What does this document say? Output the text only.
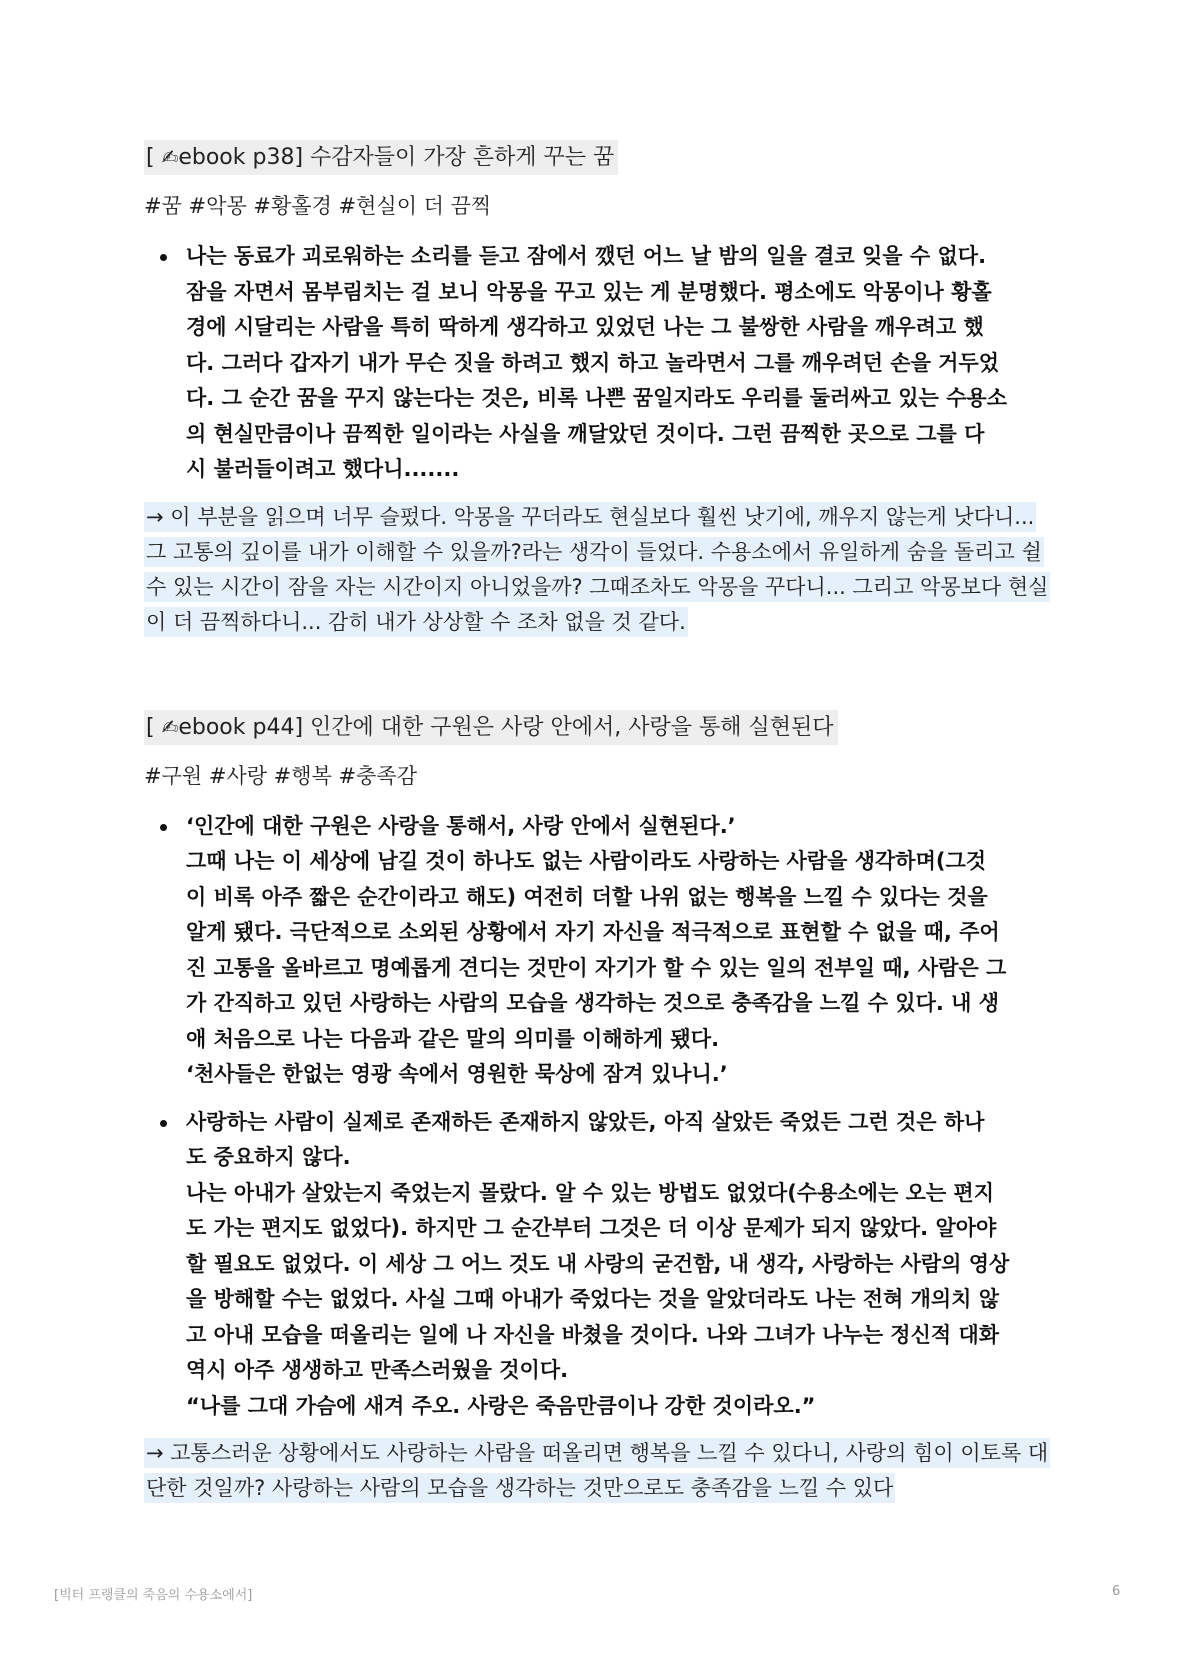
[ ✍ebook p38] 수감자들이 가장 흔하게 꾸는 꿈
#꿈 #악몽 #황홀경 #현실이 더 끔찍
나는 동료가 괴로워하는 소리를 듣고 잠에서 깼던 어느 날 밤의 일을 결코 잊을 수 없다.
잠을 자면서 몸부림치는 걸 보니 악몽을 꾸고 있는 게 분명했다. 평소에도 악몽이나 황홀
경에 시달리는 사람을 특히 딱하게 생각하고 있었던 나는 그 불쌍한 사람을 깨우려고 했
다. 그러다 갑자기 내가 무슨 짓을 하려고 했지 하고 놀라면서 그를 깨우려던 손을 거두었
다. 그 순간 꿈을 꾸지 않는다는 것은, 비록 나쁜 꿈일지라도 우리를 둘러싸고 있는 수용소
의 현실만큼이나 끔찍한 일이라는 사실을 깨달았던 것이다. 그런 끔찍한 곳으로 그를 다
시 불러들이려고 했다니.......
→ 이 부분을 읽으며 너무 슬펐다. 악몽을 꾸더라도 현실보다 훨씬 낫기에, 깨우지 않는게 낫다니... 그 고통의 깊이를 내가 이해할 수 있을까?라는 생각이 들었다. 수용소에서 유일하게 숨을 돌리고 쉴 수 있는 시간이 잠을 자는 시간이지 아니었을까? 그때조차도 악몽을 꾸다니... 그리고 악몽보다 현실이 더 끔찍하다니... 감히 내가 상상할 수 조차 없을 것 같다.
[ ✍ebook p44] 인간에 대한 구원은 사랑 안에서, 사랑을 통해 실현된다
#구원 #사랑 #행복 #충족감
‘인간에 대한 구원은 사랑을 통해서, 사랑 안에서 실현된다.’
그때 나는 이 세상에 남길 것이 하나도 없는 사람이라도 사랑하는 사람을 생각하며(그것
이 비록 아주 짧은 순간이라고 해도) 여전히 더할 나위 없는 행복을 느낄 수 있다는 것을
알게 됐다. 극단적으로 소외된 상황에서 자기 자신을 적극적으로 표현할 수 없을 때, 주어
진 고통을 올바르고 명예롭게 견디는 것만이 자기가 할 수 있는 일의 전부일 때, 사람은 그
가 간직하고 있던 사랑하는 사람의 모습을 생각하는 것으로 충족감을 느낄 수 있다. 내 생
애 처음으로 나는 다음과 같은 말의 의미를 이해하게 됐다.
‘천사들은 한없는 영광 속에서 영원한 묵상에 잠겨 있나니.’
사랑하는 사람이 실제로 존재하든 존재하지 않았든, 아직 살았든 죽었든 그런 것은 하나
도 중요하지 않다.
나는 아내가 살았는지 죽었는지 몰랐다. 알 수 있는 방법도 없었다(수용소에는 오는 편지
도 가는 편지도 없었다). 하지만 그 순간부터 그것은 더 이상 문제가 되지 않았다. 알아야
할 필요도 없었다. 이 세상 그 어느 것도 내 사랑의 굳건함, 내 생각, 사랑하는 사람의 영상
을 방해할 수는 없었다. 사실 그때 아내가 죽었다는 것을 알았더라도 나는 전혀 개의치 않
고 아내 모습을 떠올리는 일에 나 자신을 바쳤을 것이다. 나와 그녀가 나누는 정신적 대화
역시 아주 생생하고 만족스러웠을 것이다.
“나를 그대 가슴에 새겨 주오. 사랑은 죽음만큼이나 강한 것이라오.”
→ 고통스러운 상황에서도 사랑하는 사람을 떠올리면 행복을 느낄 수 있다니, 사랑의 힘이 이토록 대단한 것일까? 사랑하는 사람의 모습을 생각하는 것만으로도 충족감을 느낄 수 있다
[빅터 프랭클의 죽음의 수용소에서]	6
